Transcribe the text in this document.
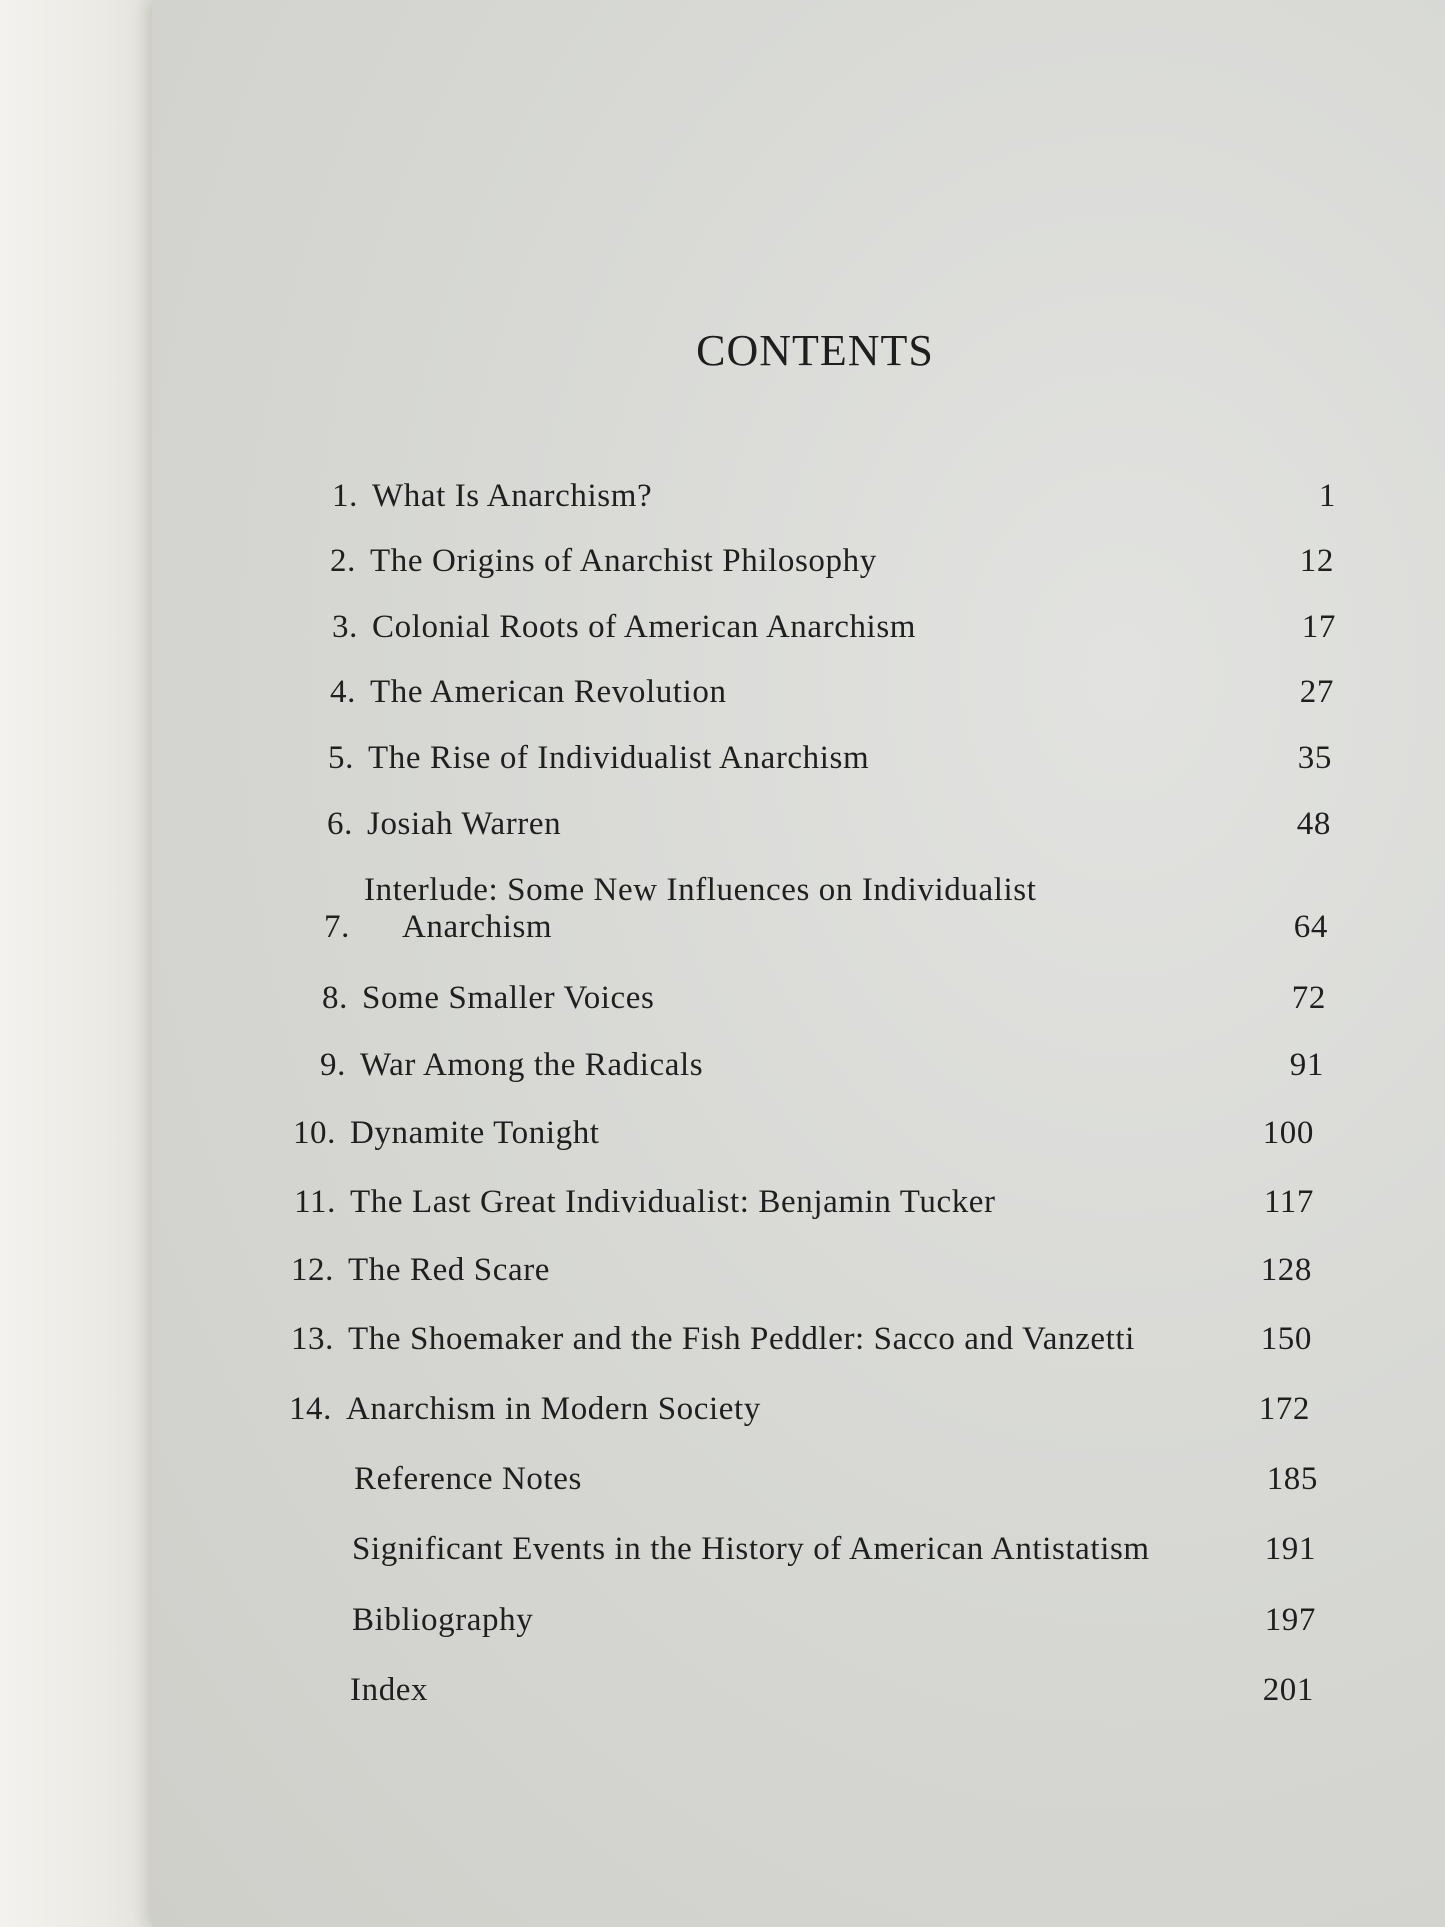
CONTENTS
1. What Is Anarchism?	1
2. The Origins of Anarchist Philosophy	12
3. Colonial Roots of American Anarchism	17
4. The American Revolution	27
5. The Rise of Individualist Anarchism	35
6. Josiah Warren	48
7.
Interlude: Some New Influences on Individualist
Anarchism	64
8. Some Smaller Voices	72
9. War Among the Radicals	91
10. Dynamite Tonight	100
11. The Last Great Individualist: Benjamin Tucker	117
12. The Red Scare	128
13. The Shoemaker and the Fish Peddler: Sacco and Vanzetti	150
14. Anarchism in Modern Society	172
Reference Notes	185
Significant Events in the History of American Antistatism	191
Bibliography	197
Index	201
